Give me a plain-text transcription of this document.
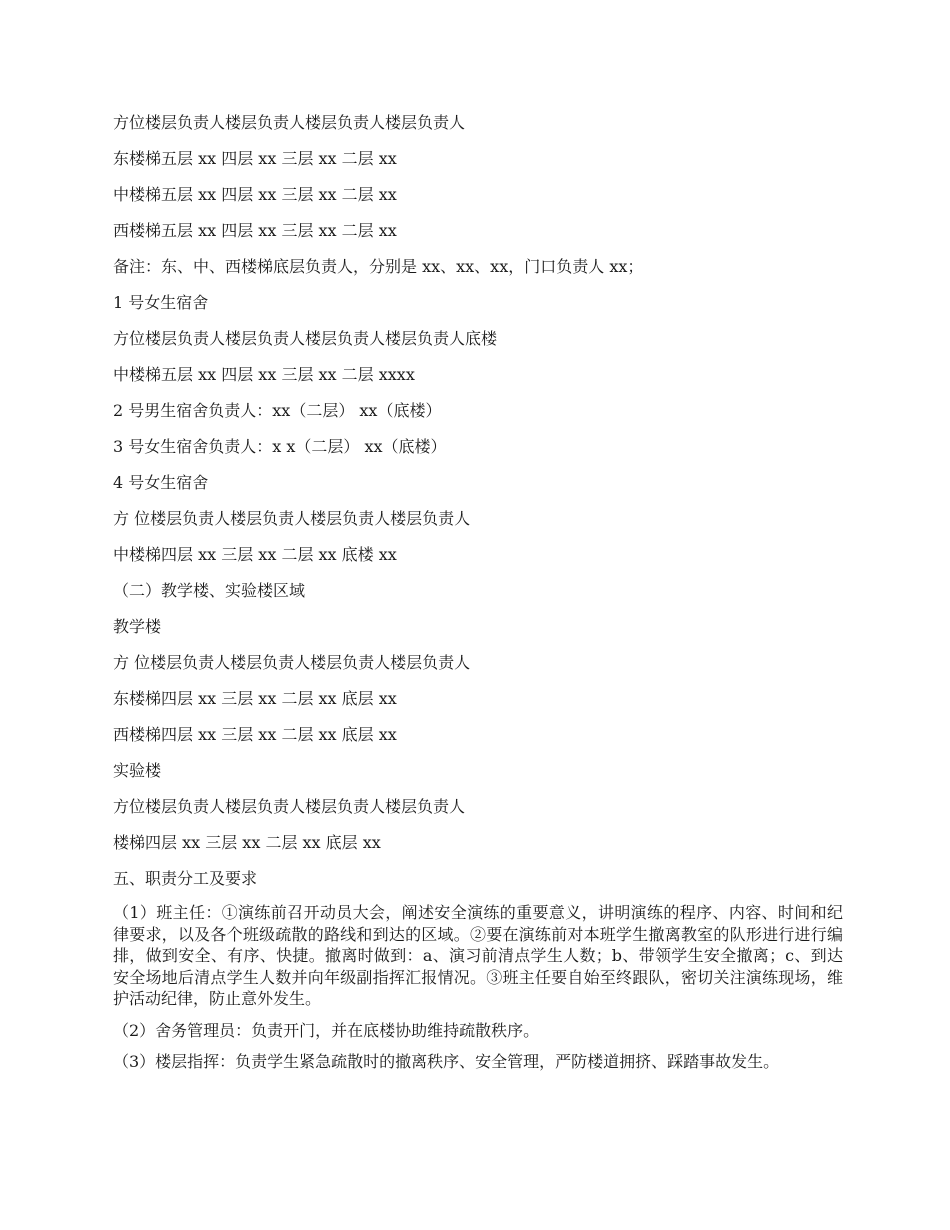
方位楼层负责人楼层负责人楼层负责人楼层负责人
东楼梯五层 xx 四层 xx 三层 xx 二层 xx
中楼梯五层 xx 四层 xx 三层 xx 二层 xx
西楼梯五层 xx 四层 xx 三层 xx 二层 xx
备注：东、中、西楼梯底层负责人，分别是 xx、xx、xx，门口负责人 xx；
1 号女生宿舍
方位楼层负责人楼层负责人楼层负责人楼层负责人底楼
中楼梯五层 xx 四层 xx 三层 xx 二层 xxxx
2 号男生宿舍负责人：xx（二层） xx（底楼）
3 号女生宿舍负责人：x x（二层） xx（底楼）
4 号女生宿舍
方 位楼层负责人楼层负责人楼层负责人楼层负责人
中楼梯四层 xx 三层 xx 二层 xx 底楼 xx
（二）教学楼、实验楼区域
教学楼
方 位楼层负责人楼层负责人楼层负责人楼层负责人
东楼梯四层 xx 三层 xx 二层 xx 底层 xx
西楼梯四层 xx 三层 xx 二层 xx 底层 xx
实验楼
方位楼层负责人楼层负责人楼层负责人楼层负责人
楼梯四层 xx 三层 xx 二层 xx 底层 xx
五、职责分工及要求
（1）班主任：①演练前召开动员大会，阐述安全演练的重要意义，讲明演练的程序、内容、时间和纪律要求，以及各个班级疏散的路线和到达的区域。②要在演练前对本班学生撤离教室的队形进行进行编排，做到安全、有序、快捷。撤离时做到：a、演习前清点学生人数；b、带领学生安全撤离；c、到达安全场地后清点学生人数并向年级副指挥汇报情况。③班主任要自始至终跟队，密切关注演练现场，维护活动纪律，防止意外发生。
（2）舍务管理员：负责开门，并在底楼协助维持疏散秩序。
（3）楼层指挥：负责学生紧急疏散时的撤离秩序、安全管理，严防楼道拥挤、踩踏事故发生。
